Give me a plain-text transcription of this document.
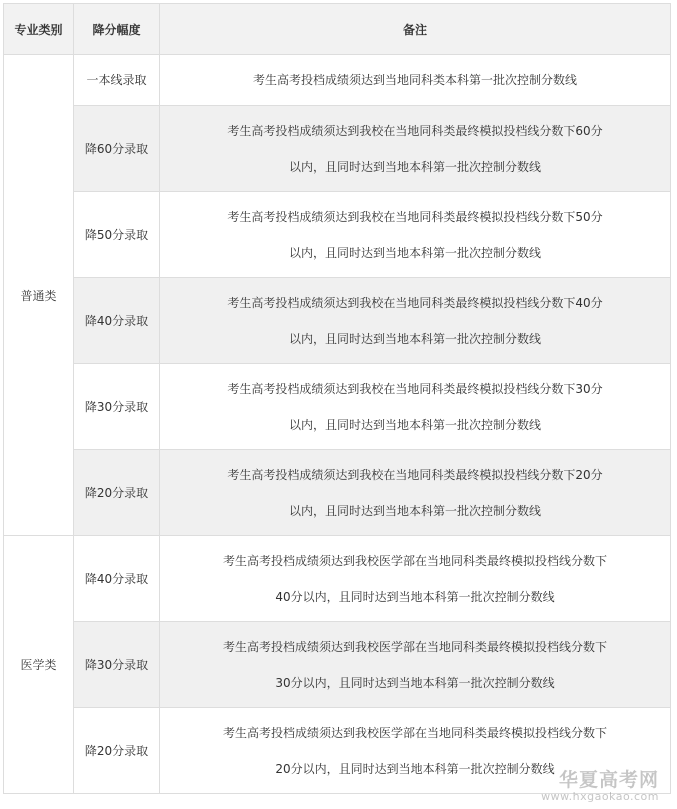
专业类别	降分幅度	备注
普通类	一本线录取	考生高考投档成绩须达到当地同科类本科第一批次控制分数线

	降60分录取	考生高考投档成绩须达到我校在当地同科类最终模拟投档线分数下60分
以内，且同时达到当地本科第一批次控制分数线

	降50分录取	考生高考投档成绩须达到我校在当地同科类最终模拟投档线分数下50分
以内，且同时达到当地本科第一批次控制分数线

	降40分录取	考生高考投档成绩须达到我校在当地同科类最终模拟投档线分数下40分
以内，且同时达到当地本科第一批次控制分数线

	降30分录取	考生高考投档成绩须达到我校在当地同科类最终模拟投档线分数下30分
以内，且同时达到当地本科第一批次控制分数线

	降20分录取	考生高考投档成绩须达到我校在当地同科类最终模拟投档线分数下20分
以内，且同时达到当地本科第一批次控制分数线

医学类	降40分录取	考生高考投档成绩须达到我校医学部在当地同科类最终模拟投档线分数下
40分以内，且同时达到当地本科第一批次控制分数线

	降30分录取	考生高考投档成绩须达到我校医学部在当地同科类最终模拟投档线分数下
30分以内，且同时达到当地本科第一批次控制分数线

	降20分录取	考生高考投档成绩须达到我校医学部在当地同科类最终模拟投档线分数下
20分以内，且同时达到当地本科第一批次控制分数线
华夏高考网
www.hxgaokao.com
